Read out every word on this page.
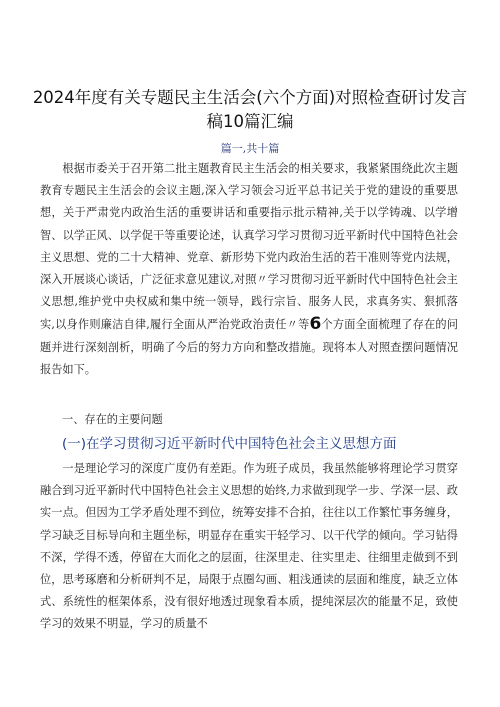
2024年度有关专题民主生活会(六个方面)对照检查研讨发言稿10篇汇编
篇一,共十篇

根据市委关于召开第二批主题教育民主生活会的相关要求，我紧紧围绕此次主题教育专题民主生活会的会议主题,深入学习领会习近平总书记关于党的建设的重要思想，关于严肃党内政治生活的重要讲话和重要指示批示精神,关于以学铸魂、以学增智、以学正风、以学促干等重要论述，认真学习学习贯彻习近平新时代中国特色社会主义思想、党的二十大精神、党章、新形势下党内政治生活的若干准则等党内法规，深入开展谈心谈话，广泛征求意见建议,对照〃学习贯彻习近平新时代中国特色社会主义思想,维护党中央权威和集中统一领导，践行宗旨、服务人民，求真务实、狠抓落实,以身作则廉洁自律,履行全面从严治党政治责任〃等6个方面全面梳理了存在的问题并进行深刻剖析，明确了今后的努力方向和整改措施。现将本人对照查摆问题情况报告如下。

一、存在的主要问题
(一)在学习贯彻习近平新时代中国特色社会主义思想方面

一是理论学习的深度广度仍有差距。作为班子成员，我虽然能够将理论学习贯穿融合到习近平新时代中国特色社会主义思想的始终,力求做到现学一步、学深一层、政实一点。但因为工学矛盾处理不到位，统筹安排不合拍，往往以工作繁忙事务缠身，学习缺乏目标导向和主题坐标，明显存在重实干轻学习、以干代学的倾向。学习钻得不深，学得不透，停留在大而化之的层面，往深里走、往实里走、往细里走做到不到位，思考琢磨和分析研判不足，局限于点圈勾画、粗浅通读的层面和维度，缺乏立体式、系统性的框架体系，没有很好地透过现象看本质，提纯深层次的能量不足，致使学习的效果不明显，学习的质量不
